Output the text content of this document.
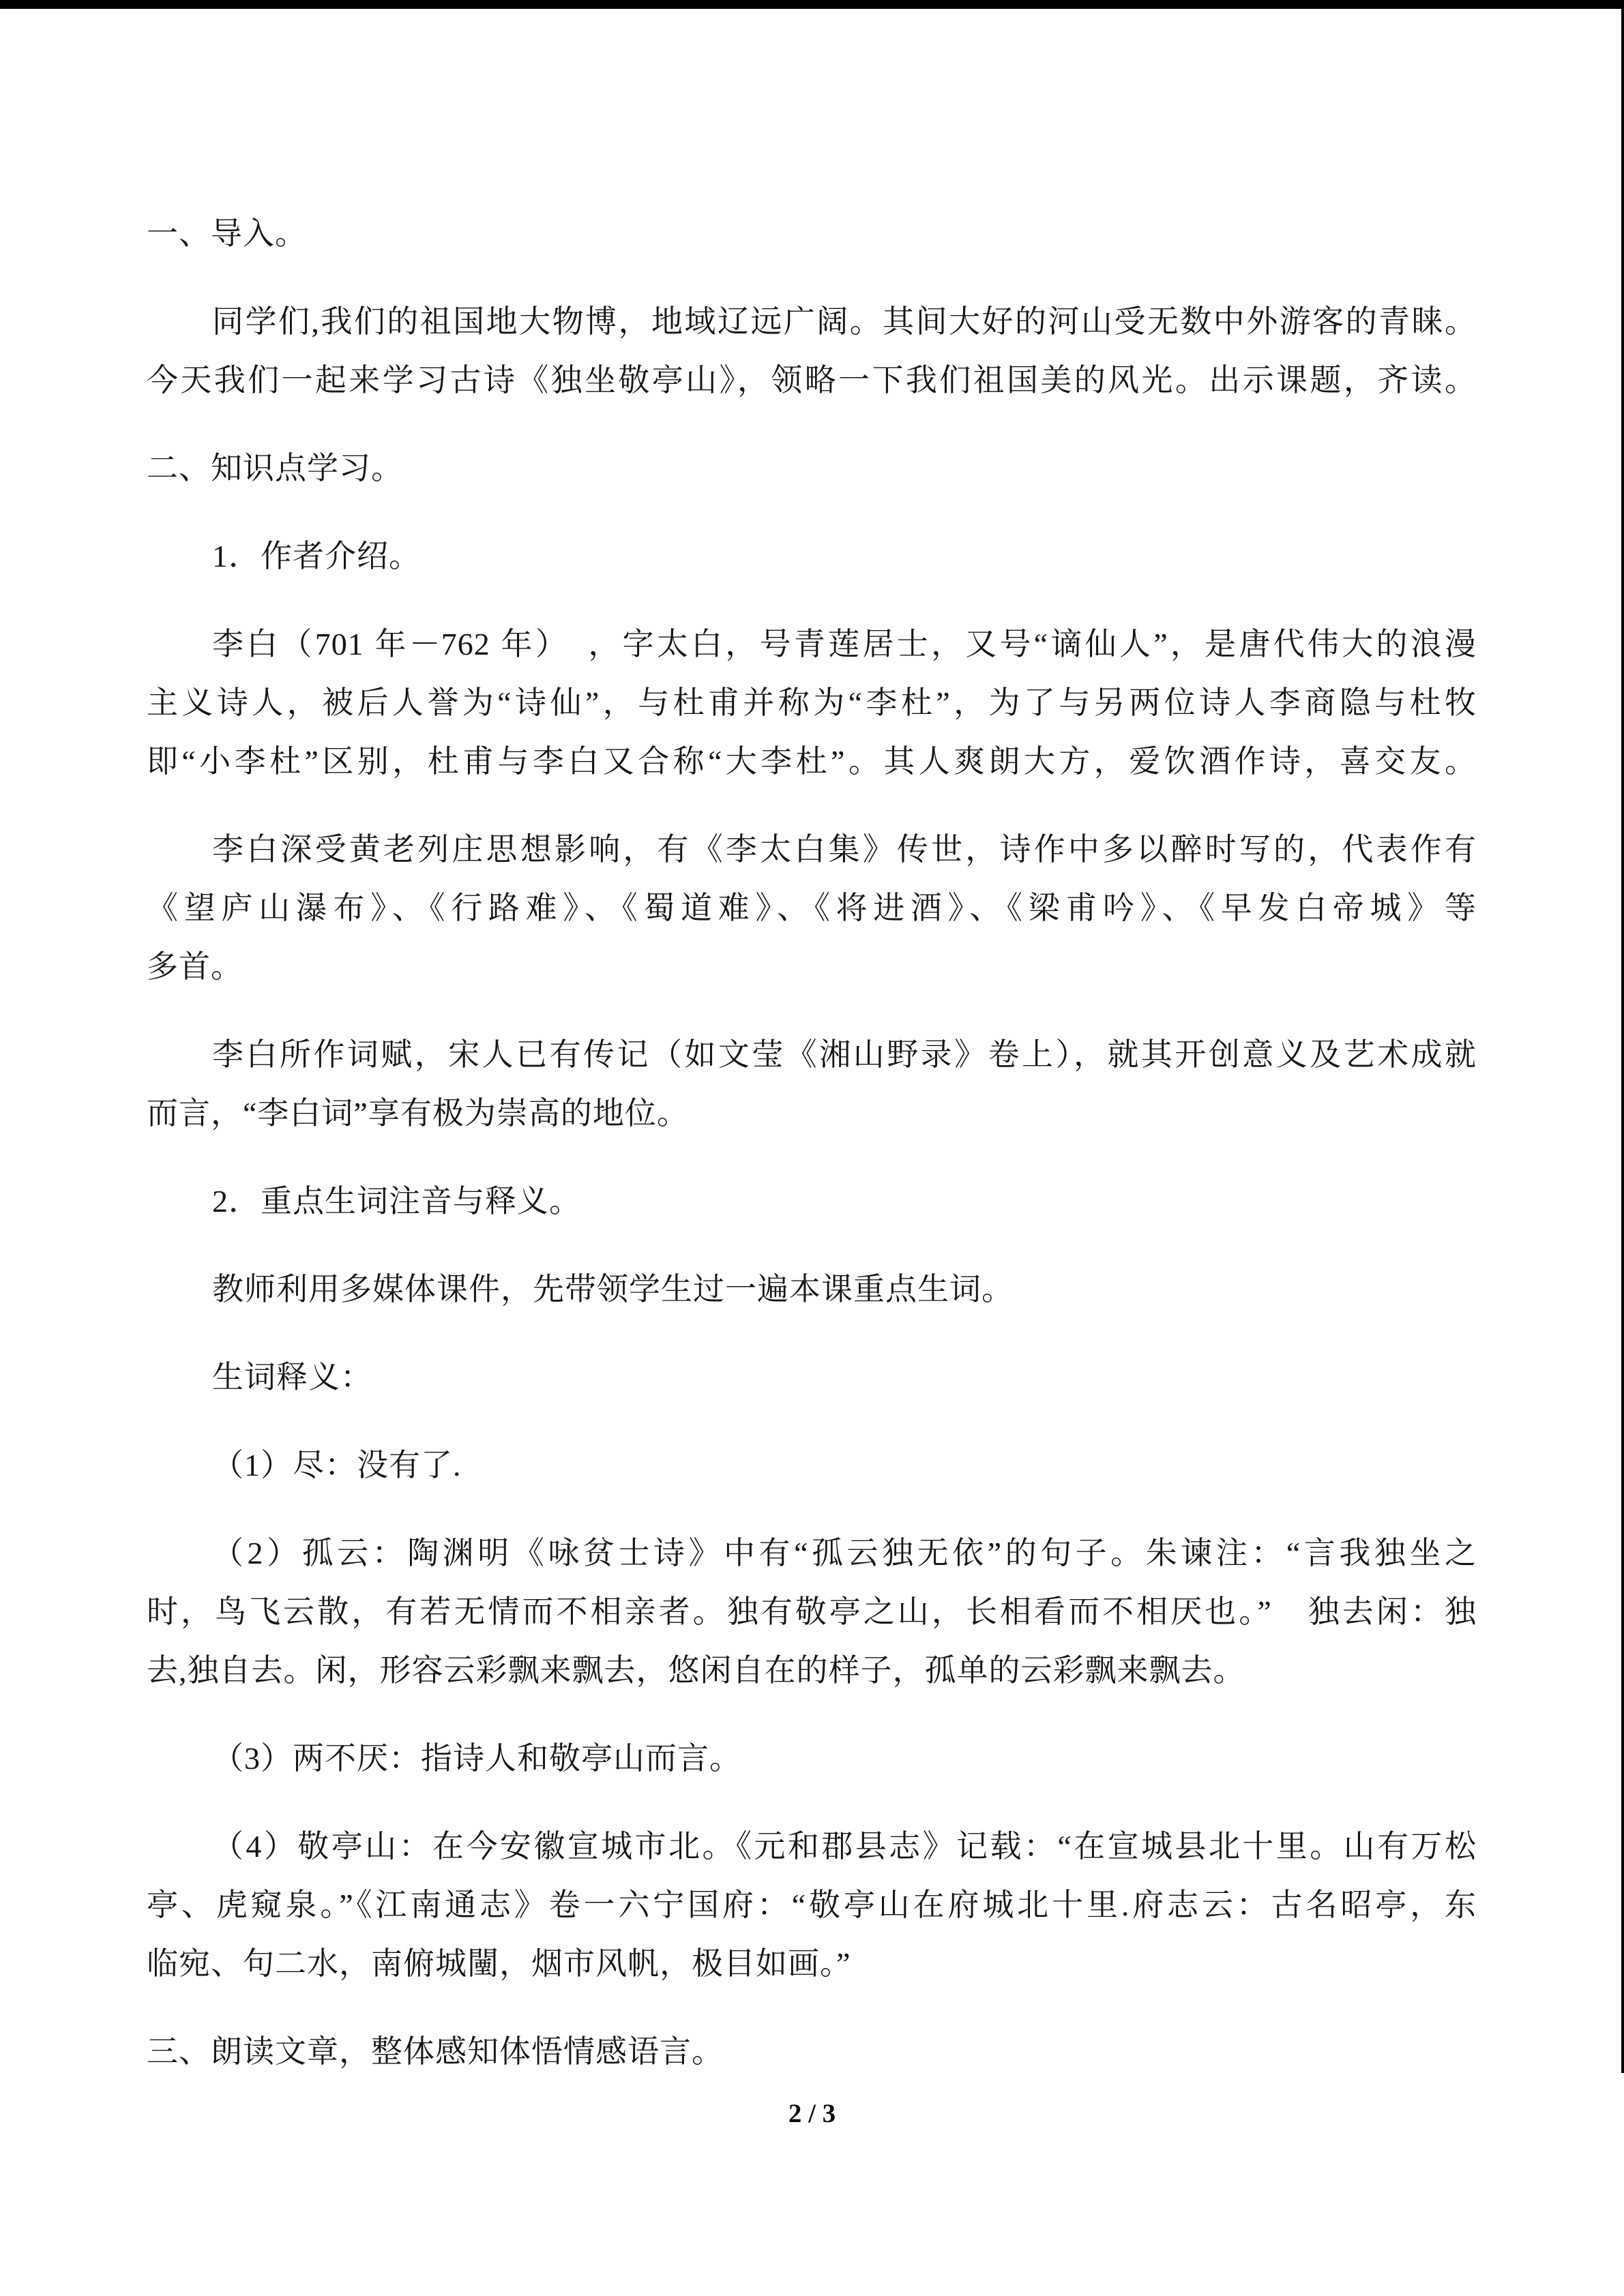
一、导入。
同学们,我们的祖国地大物博，地域辽远广阔。其间大好的河山受无数中外游客的青睐。
今天我们一起来学习古诗《独坐敬亭山》，领略一下我们祖国美的风光。出示课题，齐读。
二、知识点学习。
1．作者介绍。
李白（701 年－762 年）　，字太白，号青莲居士，又号“谪仙人”，是唐代伟大的浪漫
主义诗人，被后人誉为“诗仙”，与杜甫并称为“李杜”，为了与另两位诗人李商隐与杜牧
即“小李杜”区别，杜甫与李白又合称“大李杜”。其人爽朗大方，爱饮酒作诗，喜交友。
李白深受黄老列庄思想影响，有《李太白集》传世，诗作中多以醉时写的，代表作有
《望庐山瀑布》、《行路难》、《蜀道难》、《将进酒》、《梁甫吟》、《早发白帝城》等
多首。
李白所作词赋，宋人已有传记（如文莹《湘山野录》卷上），就其开创意义及艺术成就
而言，“李白词”享有极为崇高的地位。
2．重点生词注音与释义。
教师利用多媒体课件，先带领学生过一遍本课重点生词。
生词释义：
（1）尽：没有了.
（2）孤云：陶渊明《咏贫士诗》中有“孤云独无依”的句子。朱谏注：“言我独坐之
时，鸟飞云散，有若无情而不相亲者。独有敬亭之山，长相看而不相厌也。”　独去闲：独
去,独自去。闲，形容云彩飘来飘去，悠闲自在的样子，孤单的云彩飘来飘去。
（3）两不厌：指诗人和敬亭山而言。
（4）敬亭山：在今安徽宣城市北。《元和郡县志》记载：“在宣城县北十里。山有万松
亭、虎窥泉。”《江南通志》卷一六宁国府：“敬亭山在府城北十里.府志云：古名昭亭，东
临宛、句二水，南俯城闉，烟市风帆，极目如画。”
三、朗读文章，整体感知体悟情感语言。
2 / 3
